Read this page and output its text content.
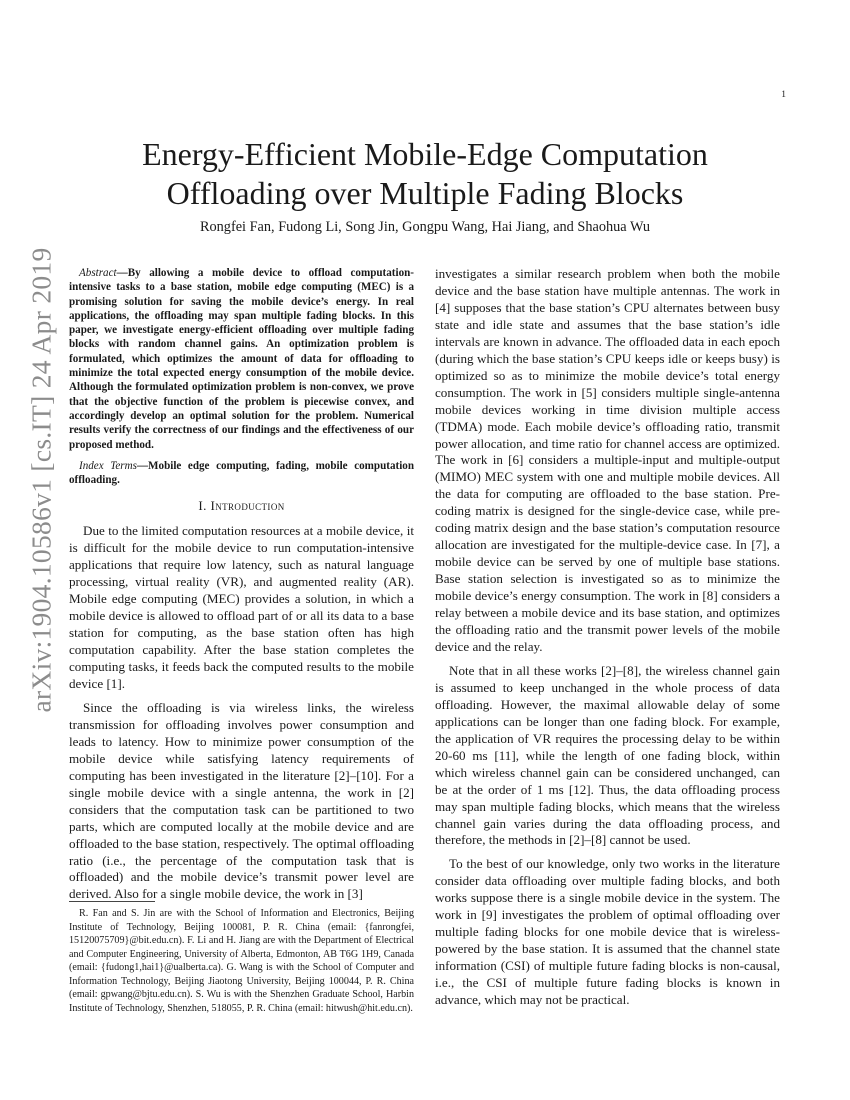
1
arXiv:1904.10586v1 [cs.IT] 24 Apr 2019
Energy-Efficient Mobile-Edge Computation
Offloading over Multiple Fading Blocks

Rongfei Fan, Fudong Li, Song Jin, Gongpu Wang, Hai Jiang, and Shaohua Wu

Abstract—By allowing a mobile device to offload computation-intensive tasks to a base station, mobile edge computing (MEC) is a promising solution for saving the mobile device’s energy. In real applications, the offloading may span multiple fading blocks. In this paper, we investigate energy-efficient offloading over multiple fading blocks with random channel gains. An optimization problem is formulated, which optimizes the amount of data for offloading to minimize the total expected energy consumption of the mobile device. Although the formulated optimization problem is non-convex, we prove that the objective function of the problem is piecewise convex, and accordingly develop an optimal solution for the problem. Numerical results verify the correctness of our findings and the effectiveness of our proposed method.

Index Terms—Mobile edge computing, fading, mobile computation offloading.

I. Introduction

Due to the limited computation resources at a mobile device, it is difficult for the mobile device to run computation-intensive applications that require low latency, such as natural language processing, virtual reality (VR), and augmented reality (AR). Mobile edge computing (MEC) provides a solution, in which a mobile device is allowed to offload part of or all its data to a base station for computing, as the base station often has high computation capability. After the base station completes the computing tasks, it feeds back the computed results to the mobile device [1].

Since the offloading is via wireless links, the wireless transmission for offloading involves power consumption and leads to latency. How to minimize power consumption of the mobile device while satisfying latency requirements of computing has been investigated in the literature [2]–[10]. For a single mobile device with a single antenna, the work in [2] considers that the computation task can be partitioned to two parts, which are computed locally at the mobile device and are offloaded to the base station, respectively. The optimal offloading ratio (i.e., the percentage of the computation task that is offloaded) and the mobile device’s transmit power level are derived. Also for a single mobile device, the work in [3]

R. Fan and S. Jin are with the School of Information and Electronics, Beijing Institute of Technology, Beijing 100081, P. R. China (email: {fanrongfei, 15120075709}@bit.edu.cn). F. Li and H. Jiang are with the Department of Electrical and Computer Engineering, University of Alberta, Edmonton, AB T6G 1H9, Canada (email: {fudong1,hai1}@ualberta.ca). G. Wang is with the School of Computer and Information Technology, Beijing Jiaotong University, Beijing 100044, P. R. China (email: gpwang@bjtu.edu.cn). S. Wu is with the Shenzhen Graduate School, Harbin Institute of Technology, Shenzhen, 518055, P. R. China (email: hitwush@hit.edu.cn).

investigates a similar research problem when both the mobile device and the base station have multiple antennas. The work in [4] supposes that the base station’s CPU alternates between busy state and idle state and assumes that the base station’s idle intervals are known in advance. The offloaded data in each epoch (during which the base station’s CPU keeps idle or keeps busy) is optimized so as to minimize the mobile device’s total energy consumption. The work in [5] considers multiple single-antenna mobile devices working in time division multiple access (TDMA) mode. Each mobile device’s offloading ratio, transmit power allocation, and time ratio for channel access are optimized. The work in [6] considers a multiple-input and multiple-output (MIMO) MEC system with one and multiple mobile devices. All the data for computing are offloaded to the base station. Pre-coding matrix is designed for the single-device case, while pre-coding matrix design and the base station’s computation resource allocation are investigated for the multiple-device case. In [7], a mobile device can be served by one of multiple base stations. Base station selection is investigated so as to minimize the mobile device’s energy consumption. The work in [8] considers a relay between a mobile device and its base station, and optimizes the offloading ratio and the transmit power levels of the mobile device and the relay.

Note that in all these works [2]–[8], the wireless channel gain is assumed to keep unchanged in the whole process of data offloading. However, the maximal allowable delay of some applications can be longer than one fading block. For example, the application of VR requires the processing delay to be within 20-60 ms [11], while the length of one fading block, within which wireless channel gain can be considered unchanged, can be at the order of 1 ms [12]. Thus, the data offloading process may span multiple fading blocks, which means that the wireless channel gain varies during the data offloading process, and therefore, the methods in [2]–[8] cannot be used.

To the best of our knowledge, only two works in the literature consider data offloading over multiple fading blocks, and both works suppose there is a single mobile device in the system. The work in [9] investigates the problem of optimal offloading over multiple fading blocks for one mobile device that is wireless-powered by the base station. It is assumed that the channel state information (CSI) of multiple future fading blocks is non-causal, i.e., the CSI of multiple future fading blocks is known in advance, which may not be practical.
